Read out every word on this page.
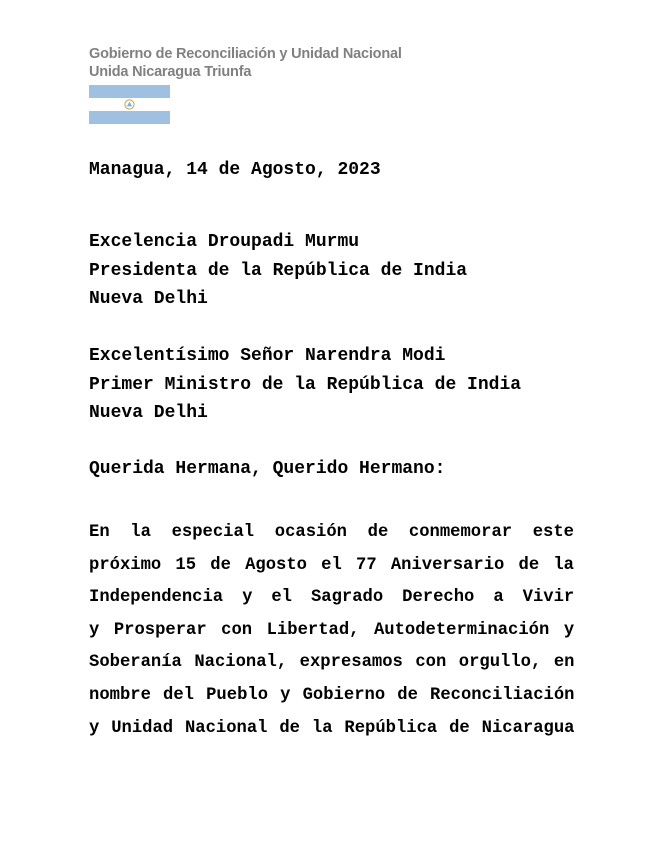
Gobierno de Reconciliación y Unidad Nacional
Unida Nicaragua Triunfa
Managua, 14 de Agosto, 2023
Excelencia Droupadi Murmu
Presidenta de la República de India
Nueva Delhi
Excelentísimo Señor Narendra Modi
Primer Ministro de la República de India
Nueva Delhi
Querida Hermana, Querido Hermano:
En la especial ocasión de conmemorar este
próximo 15 de Agosto el 77 Aniversario de la
Independencia y el Sagrado Derecho a Vivir
y Prosperar con Libertad, Autodeterminación y
Soberanía Nacional, expresamos con orgullo, en
nombre del Pueblo y Gobierno de Reconciliación
y Unidad Nacional de la República de Nicaragua
